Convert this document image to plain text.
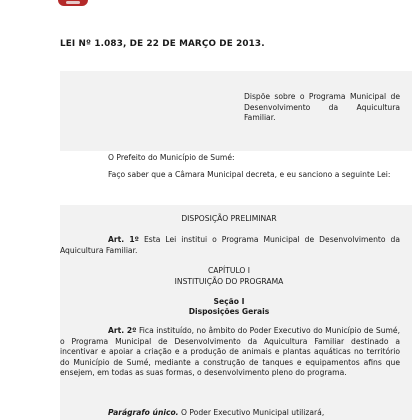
LEI Nº 1.083, DE 22 DE MARÇO DE 2013.
Dispõe sobre o Programa Municipal de Desenvolvimento da Aquicultura Familiar.
O Prefeito do Município de Sumé:
Faço saber que a Câmara Municipal decreta, e eu sanciono a seguinte Lei:
DISPOSIÇÃO PRELIMINAR
Art. 1º Esta Lei institui o Programa Municipal de Desenvolvimento da Aquicultura Familiar.
CAPÍTULO I
INSTITUIÇÃO DO PROGRAMA
Seção I
Disposições Gerais
Art. 2º Fica instituído, no âmbito do Poder Executivo do Município de Sumé, o Programa Municipal de Desenvolvimento da Aquicultura Familiar destinado a incentivar e apoiar a criação e a produção de animais e plantas aquáticas no território do Município de Sumé, mediante a construção de tanques e equipamentos afins que ensejem, em todas as suas formas, o desenvolvimento pleno do programa.
Parágrafo único. O Poder Executivo Municipal utilizará,
